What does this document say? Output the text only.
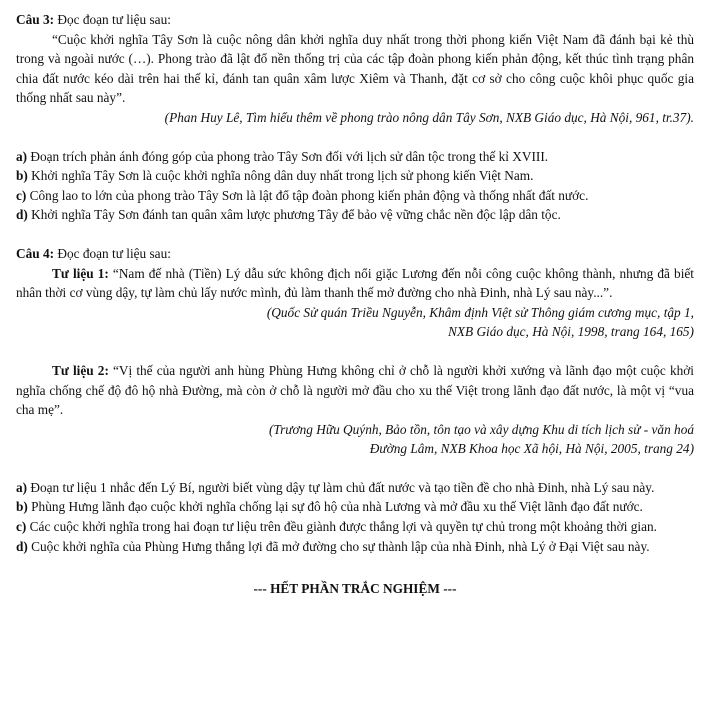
Câu 3: Đọc đoạn tư liệu sau:

“Cuộc khởi nghĩa Tây Sơn là cuộc nông dân khởi nghĩa duy nhất trong thời phong kiến Việt Nam đã đánh bại kẻ thù trong và ngoài nước (…). Phong trào đã lật đổ nền thống trị của các tập đoàn phong kiến phản động, kết thúc tình trạng phân chia đất nước kéo dài trên hai thế kỉ, đánh tan quân xâm lược Xiêm và Thanh, đặt cơ sở cho công cuộc khôi phục quốc gia thống nhất sau này”.

(Phan Huy Lê, Tìm hiểu thêm về phong trào nông dân Tây Sơn, NXB Giáo dục, Hà Nội, 961, tr.37).

a) Đoạn trích phản ánh đóng góp của phong trào Tây Sơn đối với lịch sử dân tộc trong thế kỉ XVIII.

b) Khởi nghĩa Tây Sơn là cuộc khởi nghĩa nông dân duy nhất trong lịch sử phong kiến Việt Nam.

c) Công lao to lớn của phong trào Tây Sơn là lật đổ tập đoàn phong kiến phản động và thống nhất đất nước.

d) Khởi nghĩa Tây Sơn đánh tan quân xâm lược phương Tây để bảo vệ vững chắc nền độc lập dân tộc.

Câu 4: Đọc đoạn tư liệu sau:

Tư liệu 1: “Nam đế nhà (Tiền) Lý dẫu sức không địch nổi giặc Lương đến nỗi công cuộc không thành, nhưng đã biết nhân thời cơ vùng dậy, tự làm chủ lấy nước mình, đủ làm thanh thế mở đường cho nhà Đinh, nhà Lý sau này...”.

(Quốc Sử quán Triều Nguyễn, Khâm định Việt sử Thông giám cương mục, tập 1,

NXB Giáo dục, Hà Nội, 1998, trang 164, 165)

Tư liệu 2: “Vị thế của người anh hùng Phùng Hưng không chỉ ở chỗ là người khởi xướng và lãnh đạo một cuộc khởi nghĩa chống chế độ đô hộ nhà Đường, mà còn ở chỗ là người mở đầu cho xu thế Việt trong lãnh đạo đất nước, là một vị “vua cha mẹ”.

(Trương Hữu Quýnh, Bảo tồn, tôn tạo và xây dựng Khu di tích lịch sử - văn hoá

Đường Lâm, NXB Khoa học Xã hội, Hà Nội, 2005, trang 24)

a) Đoạn tư liệu 1 nhắc đến Lý Bí, người biết vùng dậy tự làm chủ đất nước và tạo tiền đề cho nhà Đinh, nhà Lý sau này.

b) Phùng Hưng lãnh đạo cuộc khởi nghĩa chống lại sự đô hộ của nhà Lương và mở đầu xu thế Việt lãnh đạo đất nước.

c) Các cuộc khởi nghĩa trong hai đoạn tư liệu trên đều giành được thắng lợi và quyền tự chủ trong một khoảng thời gian.

d) Cuộc khởi nghĩa của Phùng Hưng thắng lợi đã mở đường cho sự thành lập của nhà Đinh, nhà Lý ở Đại Việt sau này.

--- HẾT PHẦN TRẮC NGHIỆM ---
